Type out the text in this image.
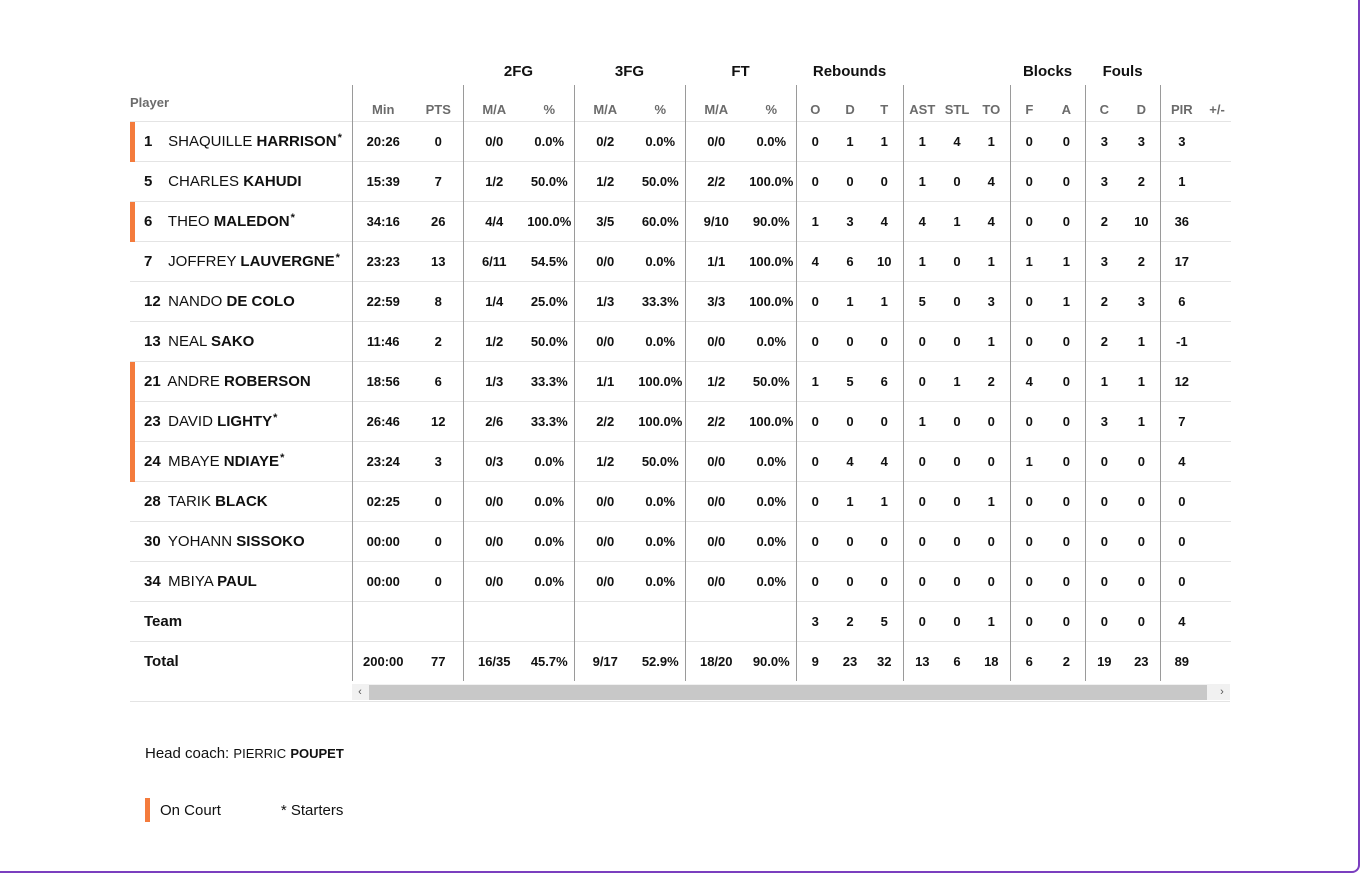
			2FG		3FG		FT		Rebounds						Blocks		Fouls			
Player	Min	PTS	M/A	%	M/A	%	M/A	%	O	D	T	AST	STL	TO	F	A	C	D	PIR	+/-

1 SHAQUILLE HARRISON*	20:26	0	0/0	0.0%	0/2	0.0%	0/0	0.0%	0	1	1	1	4	1	0	0	3	3	3	
5 CHARLES KAHUDI	15:39	7	1/2	50.0%	1/2	50.0%	2/2	100.0%	0	0	0	1	0	4	0	0	3	2	1	

6 THEO MALEDON*	34:16	26	4/4	100.0%	3/5	60.0%	9/10	90.0%	1	3	4	4	1	4	0	0	2	10	36	
7 JOFFREY LAUVERGNE*	23:23	13	6/11	54.5%	0/0	0.0%	1/1	100.0%	4	6	10	1	0	1	1	1	3	2	17	
12 NANDO DE COLO	22:59	8	1/4	25.0%	1/3	33.3%	3/3	100.0%	0	1	1	5	0	3	0	1	2	3	6	
13 NEAL SAKO	11:46	2	1/2	50.0%	0/0	0.0%	0/0	0.0%	0	0	0	0	0	1	0	0	2	1	-1	

21 ANDRE ROBERSON	18:56	6	1/3	33.3%	1/1	100.0%	1/2	50.0%	1	5	6	0	1	2	4	0	1	1	12	

23 DAVID LIGHTY*	26:46	12	2/6	33.3%	2/2	100.0%	2/2	100.0%	0	0	0	1	0	0	0	0	3	1	7	

24 MBAYE NDIAYE*	23:24	3	0/3	0.0%	1/2	50.0%	0/0	0.0%	0	4	4	0	0	0	1	0	0	0	4	
28 TARIK BLACK	02:25	0	0/0	0.0%	0/0	0.0%	0/0	0.0%	0	1	1	0	0	1	0	0	0	0	0	
30 YOHANN SISSOKO	00:00	0	0/0	0.0%	0/0	0.0%	0/0	0.0%	0	0	0	0	0	0	0	0	0	0	0	
34 MBIYA PAUL	00:00	0	0/0	0.0%	0/0	0.0%	0/0	0.0%	0	0	0	0	0	0	0	0	0	0	0	
Team									3	2	5	0	0	1	0	0	0	0	4	
Total	200:00	77	16/35	45.7%	9/17	52.9%	18/20	90.0%	9	23	32	13	6	18	6	2	19	23	89	
‹	›
Head coach: PIERRIC POUPET
On Court	* Starters
